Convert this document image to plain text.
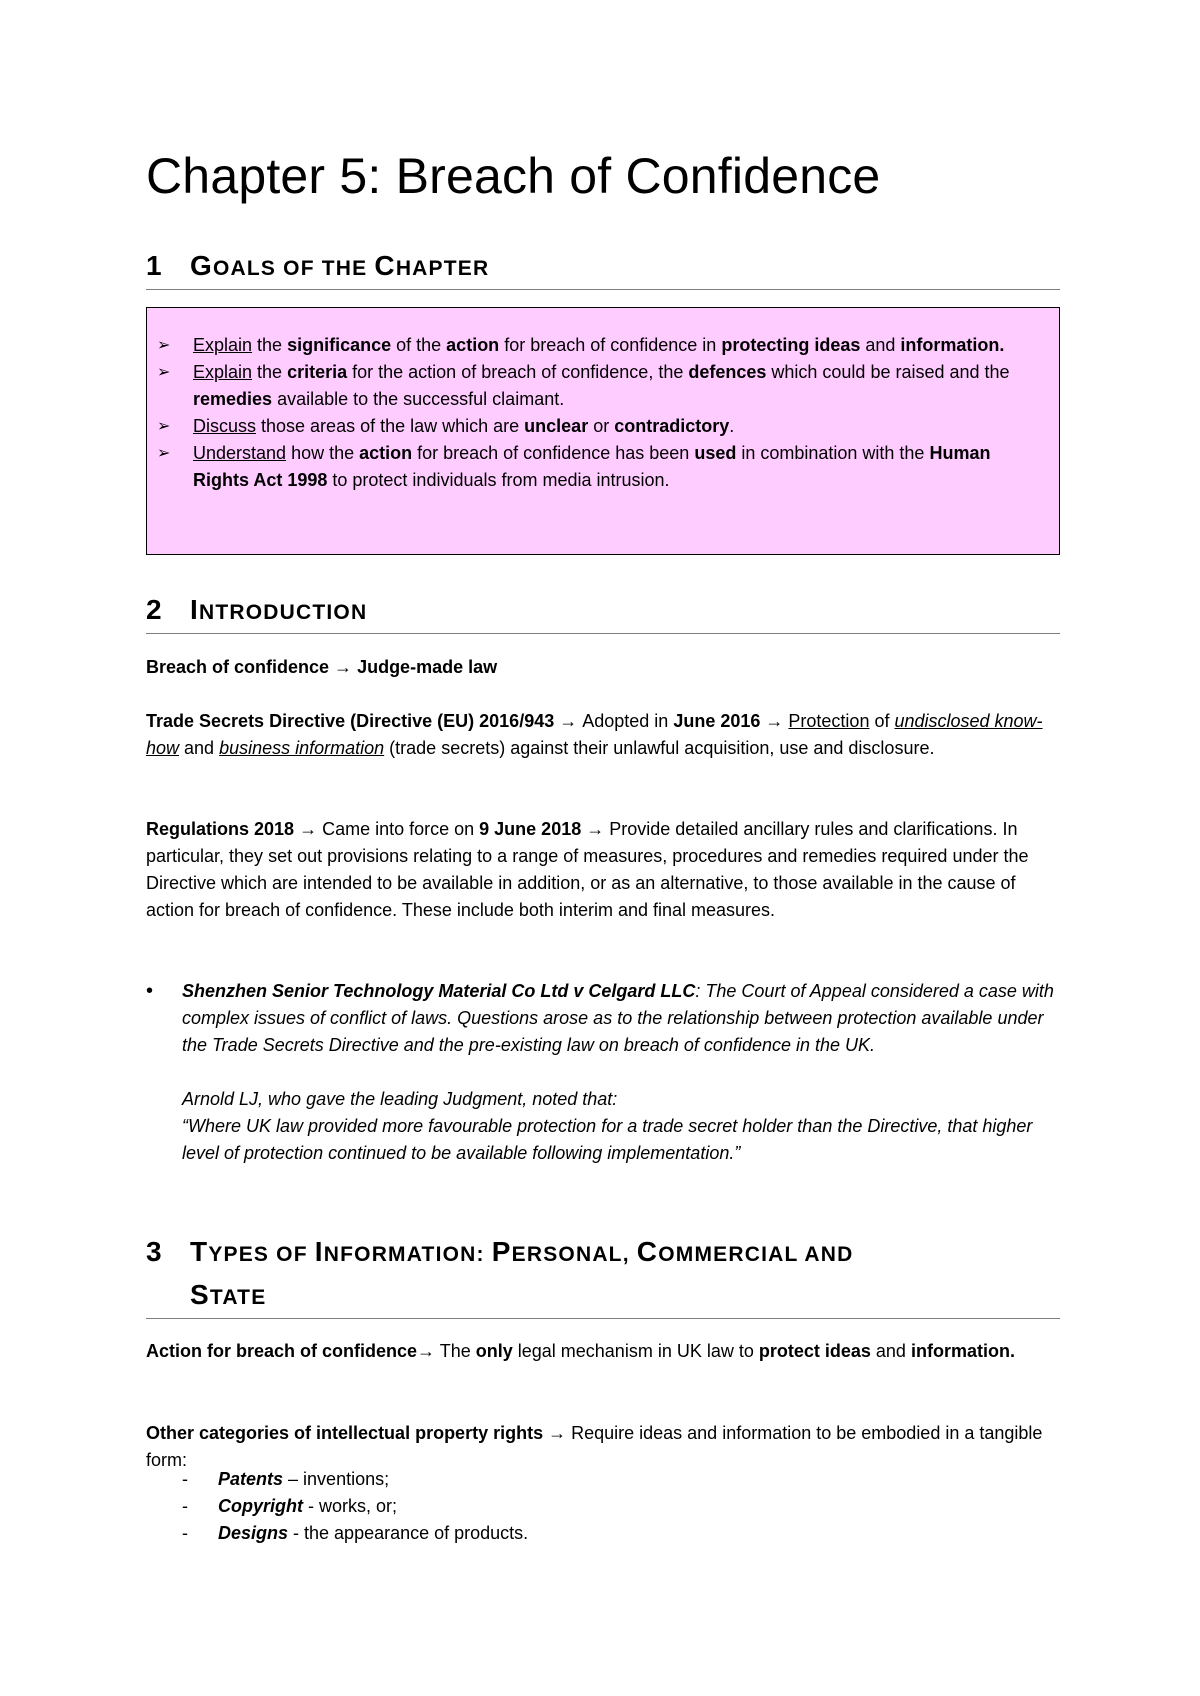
Chapter 5: Breach of Confidence
1 GOALS OF THE CHAPTER
➢	Explain the significance of the action for breach of confidence in protecting ideas and information.
➢	Explain the criteria for the action of breach of confidence, the defences which could be raised and the remedies available to the successful claimant.
➢	Discuss those areas of the law which are unclear or contradictory.
➢	Understand how the action for breach of confidence has been used in combination with the Human Rights Act 1998 to protect individuals from media intrusion.
2 INTRODUCTION

Breach of confidence → Judge-made law

Trade Secrets Directive (Directive (EU) 2016/943 → Adopted in June 2016 → Protection of undisclosed know-how and business information (trade secrets) against their unlawful acquisition, use and disclosure.

Regulations 2018 → Came into force on 9 June 2018 → Provide detailed ancillary rules and clarifications. In particular, they set out provisions relating to a range of measures, procedures and remedies required under the Directive which are intended to be available in addition, or as an alternative, to those available in the cause of action for breach of confidence. These include both interim and final measures.

•	Shenzhen Senior Technology Material Co Ltd v Celgard LLC: The Court of Appeal considered a case with complex issues of conflict of laws. Questions arose as to the relationship between protection available under the Trade Secrets Directive and the pre-existing law on breach of confidence in the UK.
Arnold LJ, who gave the leading Judgment, noted that:
“Where UK law provided more favourable protection for a trade secret holder than the Directive, that higher level of protection continued to be available following implementation.”
3 TYPES OF INFORMATION: PERSONAL, COMMERCIAL AND
STATE

Action for breach of confidence→ The only legal mechanism in UK law to protect ideas and information.

Other categories of intellectual property rights → Require ideas and information to be embodied in a tangible form:

- Patents – inventions;
- Copyright - works, or;
- Designs - the appearance of products.
